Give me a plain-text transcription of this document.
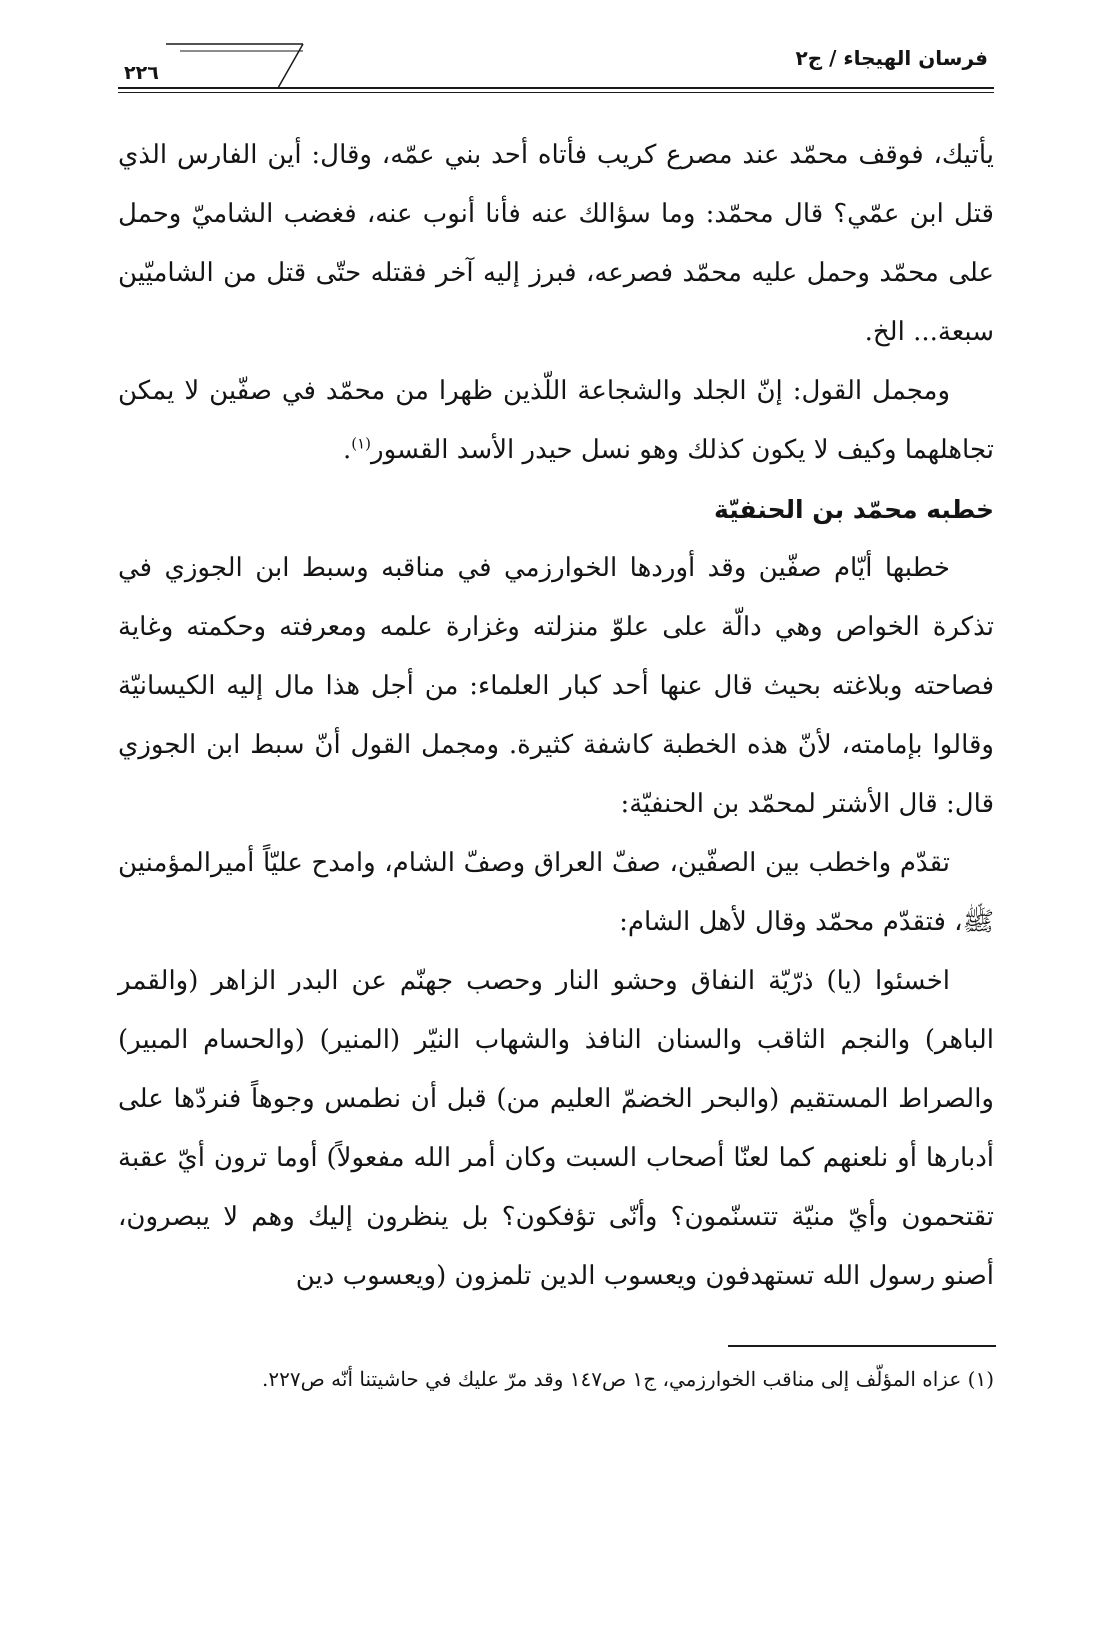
٢٢٦
فرسان الهيجاء / ج٢

يأتيك، فوقف محمّد عند مصرع كريب فأتاه أحد بني عمّه، وقال: أين الفارس الذي قتل ابن عمّي؟ قال محمّد: وما سؤالك عنه فأنا أنوب عنه، فغضب الشاميّ وحمل على محمّد وحمل عليه محمّد فصرعه، فبرز إليه آخر فقتله حتّى قتل من الشاميّين سبعة... الخ.

ومجمل القول: إنّ الجلد والشجاعة اللّذين ظهرا من محمّد في صفّين لا يمكن تجاهلهما وكيف لا يكون كذلك وهو نسل حيدر الأسد القسور$^{(١)}$.

خطبه محمّد بن الحنفيّة

خطبها أيّام صفّين وقد أوردها الخوارزمي في مناقبه وسبط ابن الجوزي في تذكرة الخواص وهي دالّة على علوّ منزلته وغزارة علمه ومعرفته وحكمته وغاية فصاحته وبلاغته بحيث قال عنها أحد كبار العلماء: من أجل هذا مال إليه الكيسانيّة وقالوا بإمامته، لأنّ هذه الخطبة كاشفة كثيرة. ومجمل القول أنّ سبط ابن الجوزي قال: قال الأشتر لمحمّد بن الحنفيّة:

تقدّم واخطب بين الصفّين، صفّ العراق وصفّ الشام، وامدح عليّاً أميرالمؤمنين ﷺ، فتقدّم محمّد وقال لأهل الشام:

اخسئوا (يا) ذرّيّة النفاق وحشو النار وحصب جهنّم عن البدر الزاهر (والقمر الباهر) والنجم الثاقب والسنان النافذ والشهاب النيّر (المنير) (والحسام المبير) والصراط المستقيم (والبحر الخضمّ العليم من) قبل أن نطمس وجوهاً فنردّها على أدبارها أو نلعنهم كما لعنّا أصحاب السبت وكان أمر الله مفعولاً) أوما ترون أيّ عقبة تقتحمون وأيّ منيّة تتسنّمون؟ وأنّى تؤفكون؟ بل ينظرون إليك وهم لا يبصرون، أصنو رسول الله تستهدفون ويعسوب الدين تلمزون (ويعسوب دين

(١) عزاه المؤلّف إلى مناقب الخوارزمي، ج١ ص١٤٧ وقد مرّ عليك في حاشيتنا أنّه ص٢٢٧.
